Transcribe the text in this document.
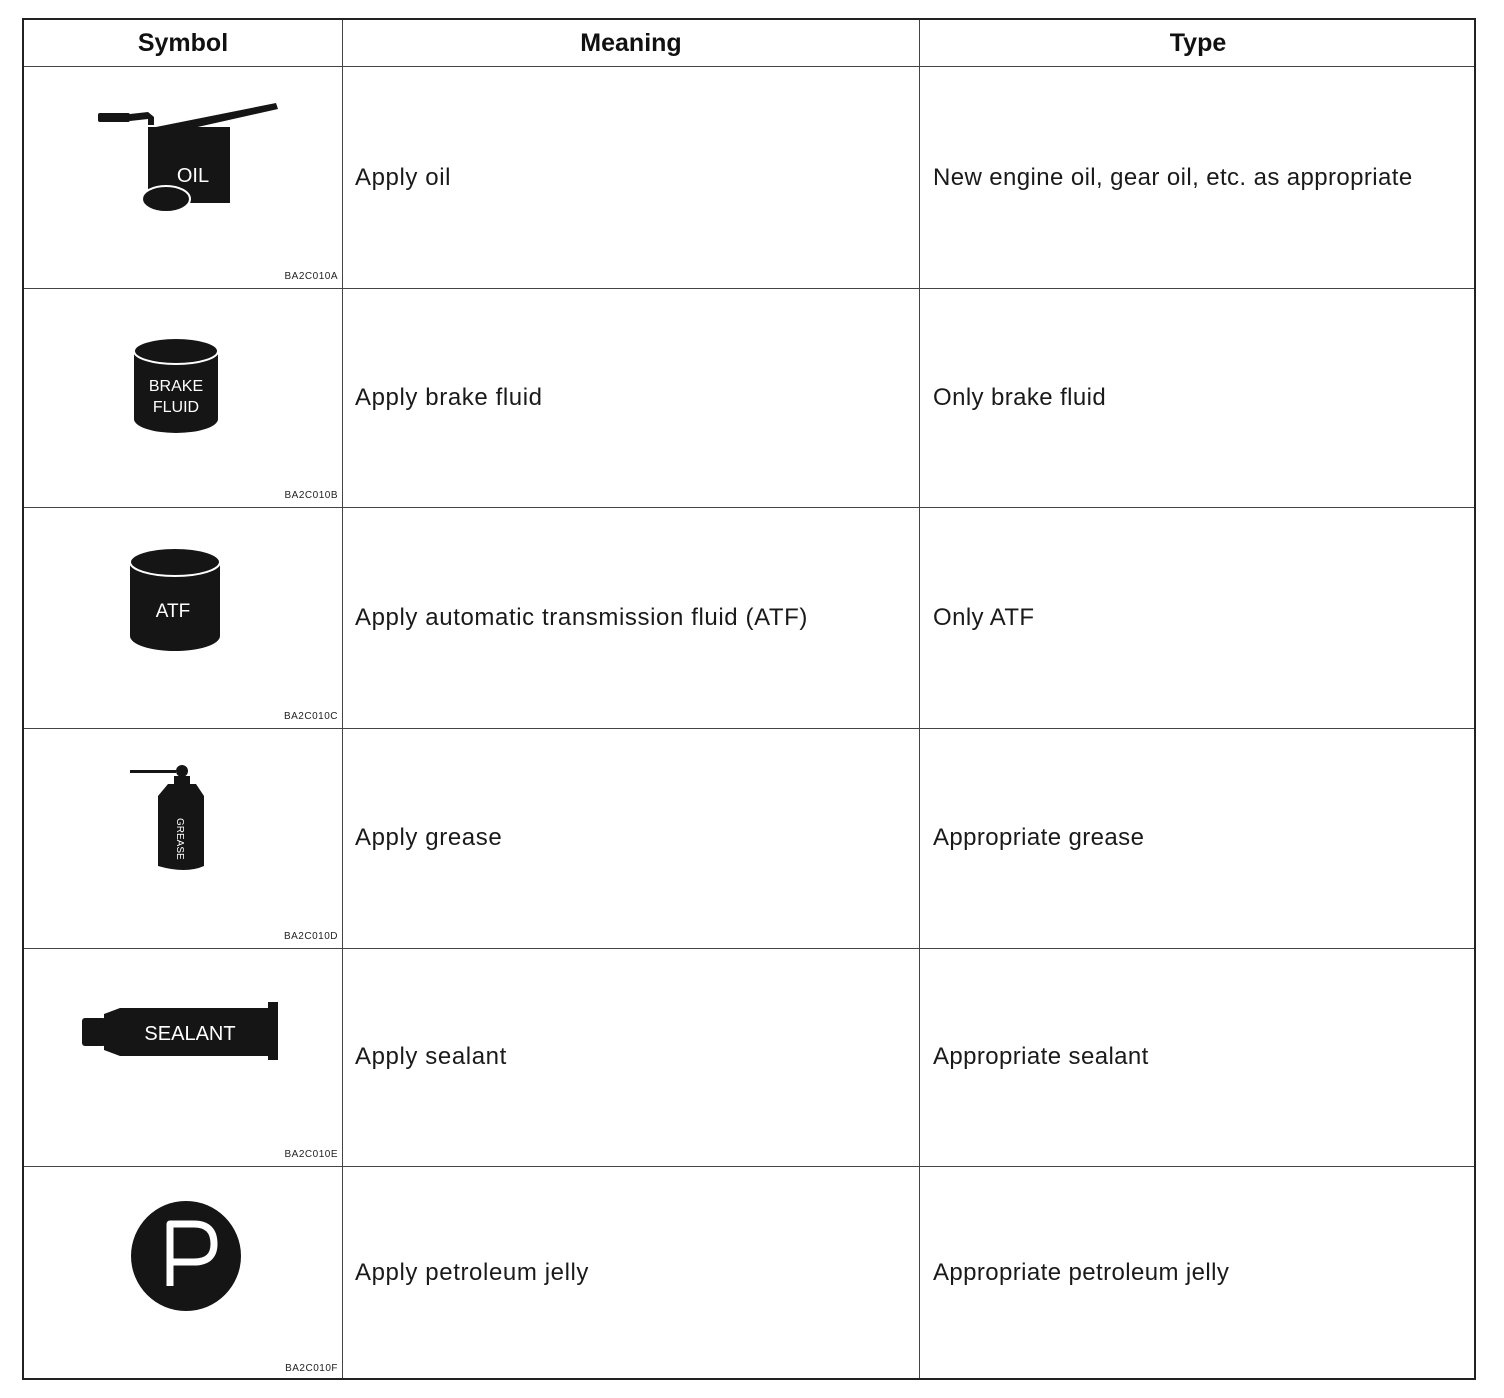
Symbol	Meaning	Type
OIL
BA2C010A
Apply oil	New engine oil, gear oil, etc. as appropriate
BRAKE
FLUID
BA2C010B
Apply brake fluid	Only brake fluid
ATF
BA2C010C
Apply automatic transmission fluid (ATF)	Only ATF
GREASE
BA2C010D
Apply grease	Appropriate grease
SEALANT
BA2C010E
Apply sealant	Appropriate sealant
BA2C010F
Apply petroleum jelly	Appropriate petroleum jelly
